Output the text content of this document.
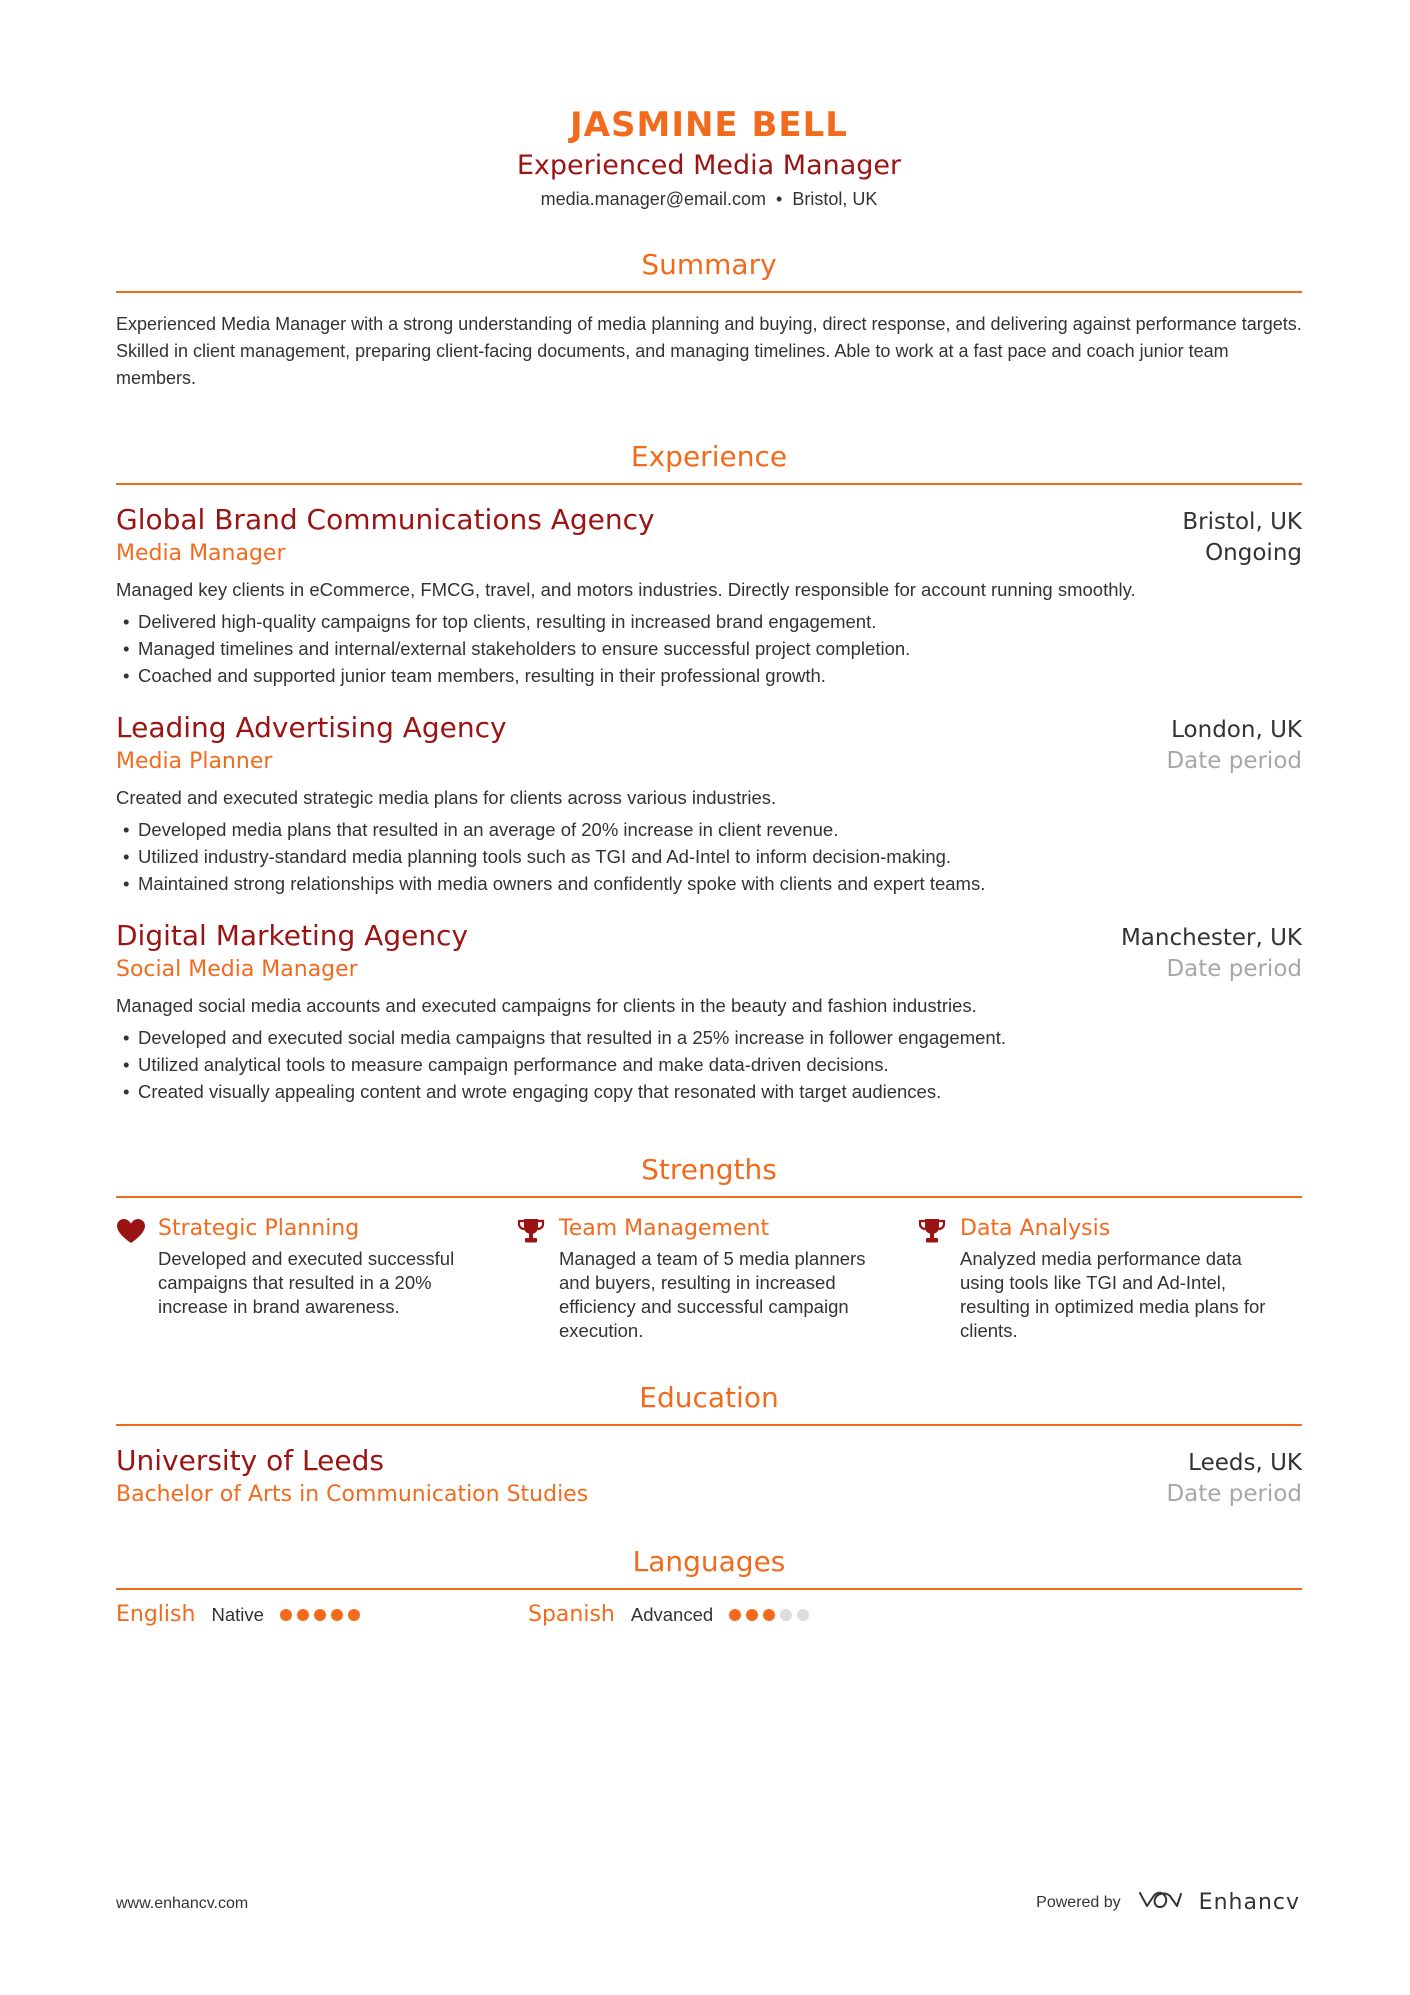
JASMINE BELL
Experienced Media Manager
media.manager@email.com • Bristol, UK
Summary
Experienced Media Manager with a strong understanding of media planning and buying, direct response, and delivering against performance targets. Skilled in client management, preparing client-facing documents, and managing timelines. Able to work at a fast pace and coach junior team members.
Experience
Global Brand Communications Agency	Bristol, UK
Media Manager	Ongoing
Managed key clients in eCommerce, FMCG, travel, and motors industries. Directly responsible for account running smoothly.
• Delivered high-quality campaigns for top clients, resulting in increased brand engagement.
• Managed timelines and internal/external stakeholders to ensure successful project completion.
• Coached and supported junior team members, resulting in their professional growth.
Leading Advertising Agency	London, UK
Media Planner	Date period
Created and executed strategic media plans for clients across various industries.
• Developed media plans that resulted in an average of 20% increase in client revenue.
• Utilized industry-standard media planning tools such as TGI and Ad-Intel to inform decision-making.
• Maintained strong relationships with media owners and confidently spoke with clients and expert teams.
Digital Marketing Agency	Manchester, UK
Social Media Manager	Date period
Managed social media accounts and executed campaigns for clients in the beauty and fashion industries.
• Developed and executed social media campaigns that resulted in a 25% increase in follower engagement.
• Utilized analytical tools to measure campaign performance and make data-driven decisions.
• Created visually appealing content and wrote engaging copy that resonated with target audiences.
Strengths
Strategic Planning
Developed and executed successful campaigns that resulted in a 20% increase in brand awareness.
Team Management
Managed a team of 5 media planners and buyers, resulting in increased efficiency and successful campaign execution.
Data Analysis
Analyzed media performance data using tools like TGI and Ad-Intel, resulting in optimized media plans for clients.
Education
University of Leeds	Leeds, UK
Bachelor of Arts in Communication Studies	Date period
Languages
English Native	Spanish Advanced
www.enhancv.com	Powered by	Enhancv
